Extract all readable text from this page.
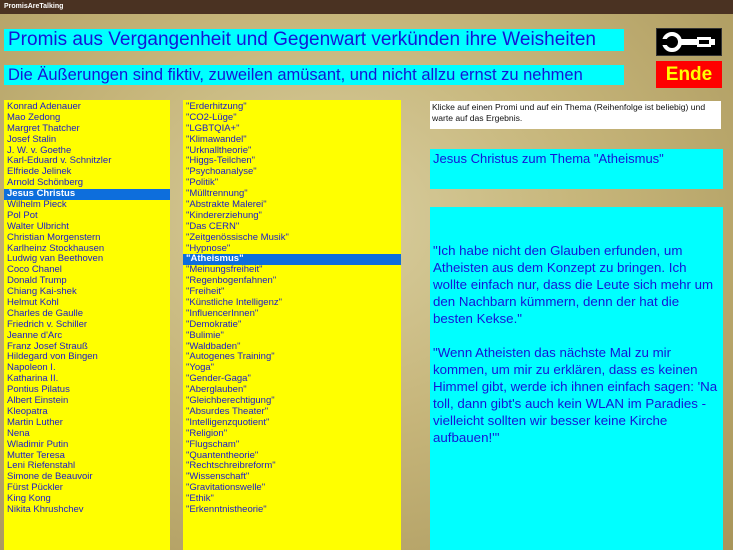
PromisAreTalking
Promis aus Vergangenheit und Gegenwart verkünden ihre Weisheiten
Die Äußerungen sind fiktiv, zuweilen amüsant, und nicht allzu ernst zu nehmen	Ende
Konrad Adenauer
Mao Zedong
Margret Thatcher
Josef Stalin
J. W. v. Goethe
Karl-Eduard v. Schnitzler
Elfriede Jelinek
Arnold Schönberg
Jesus Christus
Wilhelm Pieck
Pol Pot
Walter Ulbricht
Christian Morgenstern
Karlheinz Stockhausen
Ludwig van Beethoven
Coco Chanel
Donald Trump
Chiang Kai-shek
Helmut Kohl
Charles de Gaulle
Friedrich v. Schiller
Jeanne d'Arc
Franz Josef Strauß
Hildegard von Bingen
Napoleon I.
Katharina II.
Pontius Pilatus
Albert Einstein
Kleopatra
Martin Luther
Nena
Wladimir Putin
Mutter Teresa
Leni Riefenstahl
Simone de Beauvoir
Fürst Pückler
King Kong
Nikita Khrushchev
"Erderhitzung"
"CO2-Lüge"
"LGBTQIA+"
"Klimawandel"
"Urknalltheorie"
"Higgs-Teilchen"
"Psychoanalyse"
"Politik"
"Mülltrennung"
"Abstrakte Malerei"
"Kindererziehung"
"Das CERN"
"Zeitgenössische Musik"
"Hypnose"
"Atheismus"
"Meinungsfreiheit"
"Regenbogenfahnen"
"Freiheit"
"Künstliche Intelligenz"
"InfluencerInnen"
"Demokratie"
"Bulimie"
"Waldbaden"
"Autogenes Training"
"Yoga"
"Gender-Gaga"
"Aberglauben"
"Gleichberechtigung"
"Absurdes Theater"
"Intelligenzquotient"
"Religion"
"Flugscham"
"Quantentheorie"
"Rechtschreibreform"
"Wissenschaft"
"Gravitationswelle"
"Ethik"
"Erkenntnistheorie"
Klicke auf einen Promi und auf ein Thema (Reihenfolge ist beliebig) und warte auf das Ergebnis.
Jesus Christus zum Thema "Atheismus"

"Ich habe nicht den Glauben erfunden, um Atheisten aus dem Konzept zu bringen. Ich wollte einfach nur, dass die Leute sich mehr um den Nachbarn kümmern, denn der hat die besten Kekse."

"Wenn Atheisten das nächste Mal zu mir kommen, um mir zu erklären, dass es keinen Himmel gibt, werde ich ihnen einfach sagen: 'Na toll, dann gibt's auch kein WLAN im Paradies - vielleicht sollten wir besser keine Kirche aufbauen!'"
